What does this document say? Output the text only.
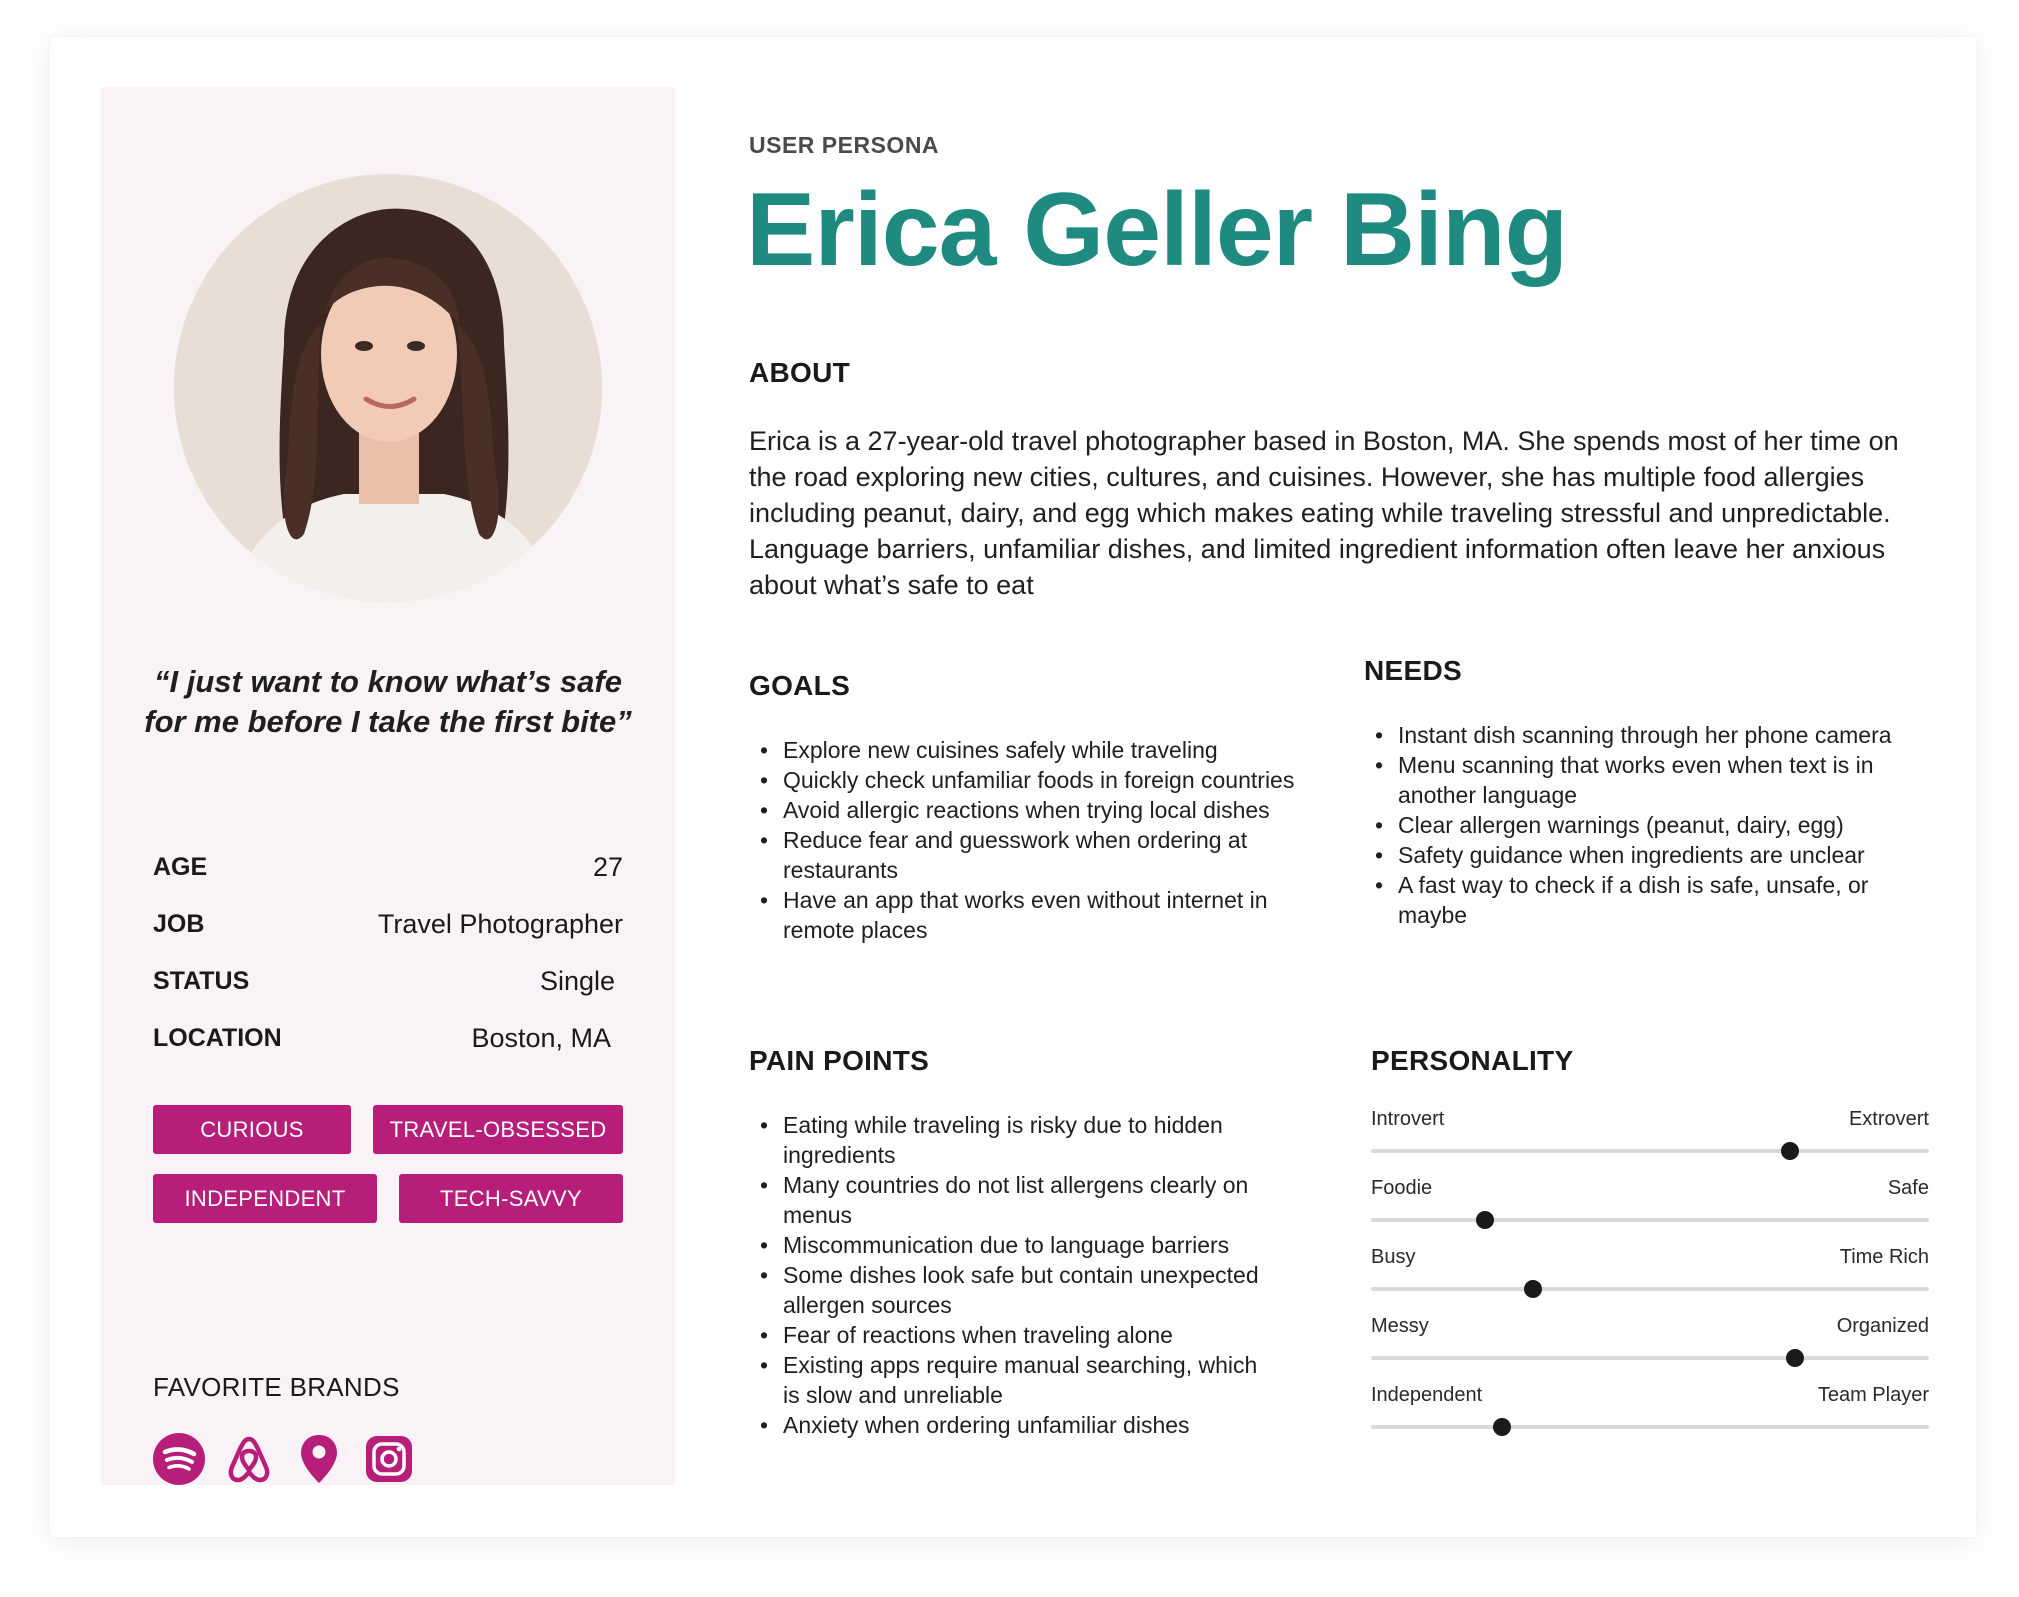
“I just want to know what’s safe for me before I take the first bite”
AGE	27
JOB	Travel Photographer
STATUS	Single
LOCATION	Boston, MA
CURIOUS	TRAVEL-OBSESSED
INDEPENDENT	TECH-SAVVY
FAVORITE BRANDS
USER PERSONA
Erica Geller Bing
ABOUT
Erica is a 27-year-old travel photographer based in Boston, MA. She spends most of her time on the road exploring new cities, cultures, and cuisines. However, she has multiple food allergies including peanut, dairy, and egg which makes eating while traveling stressful and unpredictable. Language barriers, unfamiliar dishes, and limited ingredient information often leave her anxious about what’s safe to eat
GOALS
• Explore new cuisines safely while traveling
• Quickly check unfamiliar foods in foreign countries
• Avoid allergic reactions when trying local dishes
• Reduce fear and guesswork when ordering at restaurants
• Have an app that works even without internet in remote places
NEEDS
• Instant dish scanning through her phone camera
• Menu scanning that works even when text is in another language
• Clear allergen warnings (peanut, dairy, egg)
• Safety guidance when ingredients are unclear
• A fast way to check if a dish is safe, unsafe, or maybe
PAIN POINTS
• Eating while traveling is risky due to hidden ingredients
• Many countries do not list allergens clearly on menus
• Miscommunication due to language barriers
• Some dishes look safe but contain unexpected allergen sources
• Fear of reactions when traveling alone
• Existing apps require manual searching, which is slow and unreliable
• Anxiety when ordering unfamiliar dishes
PERSONALITY
Introvert	Extrovert
Foodie	Safe
Busy	Time Rich
Messy	Organized
Independent	Team Player
